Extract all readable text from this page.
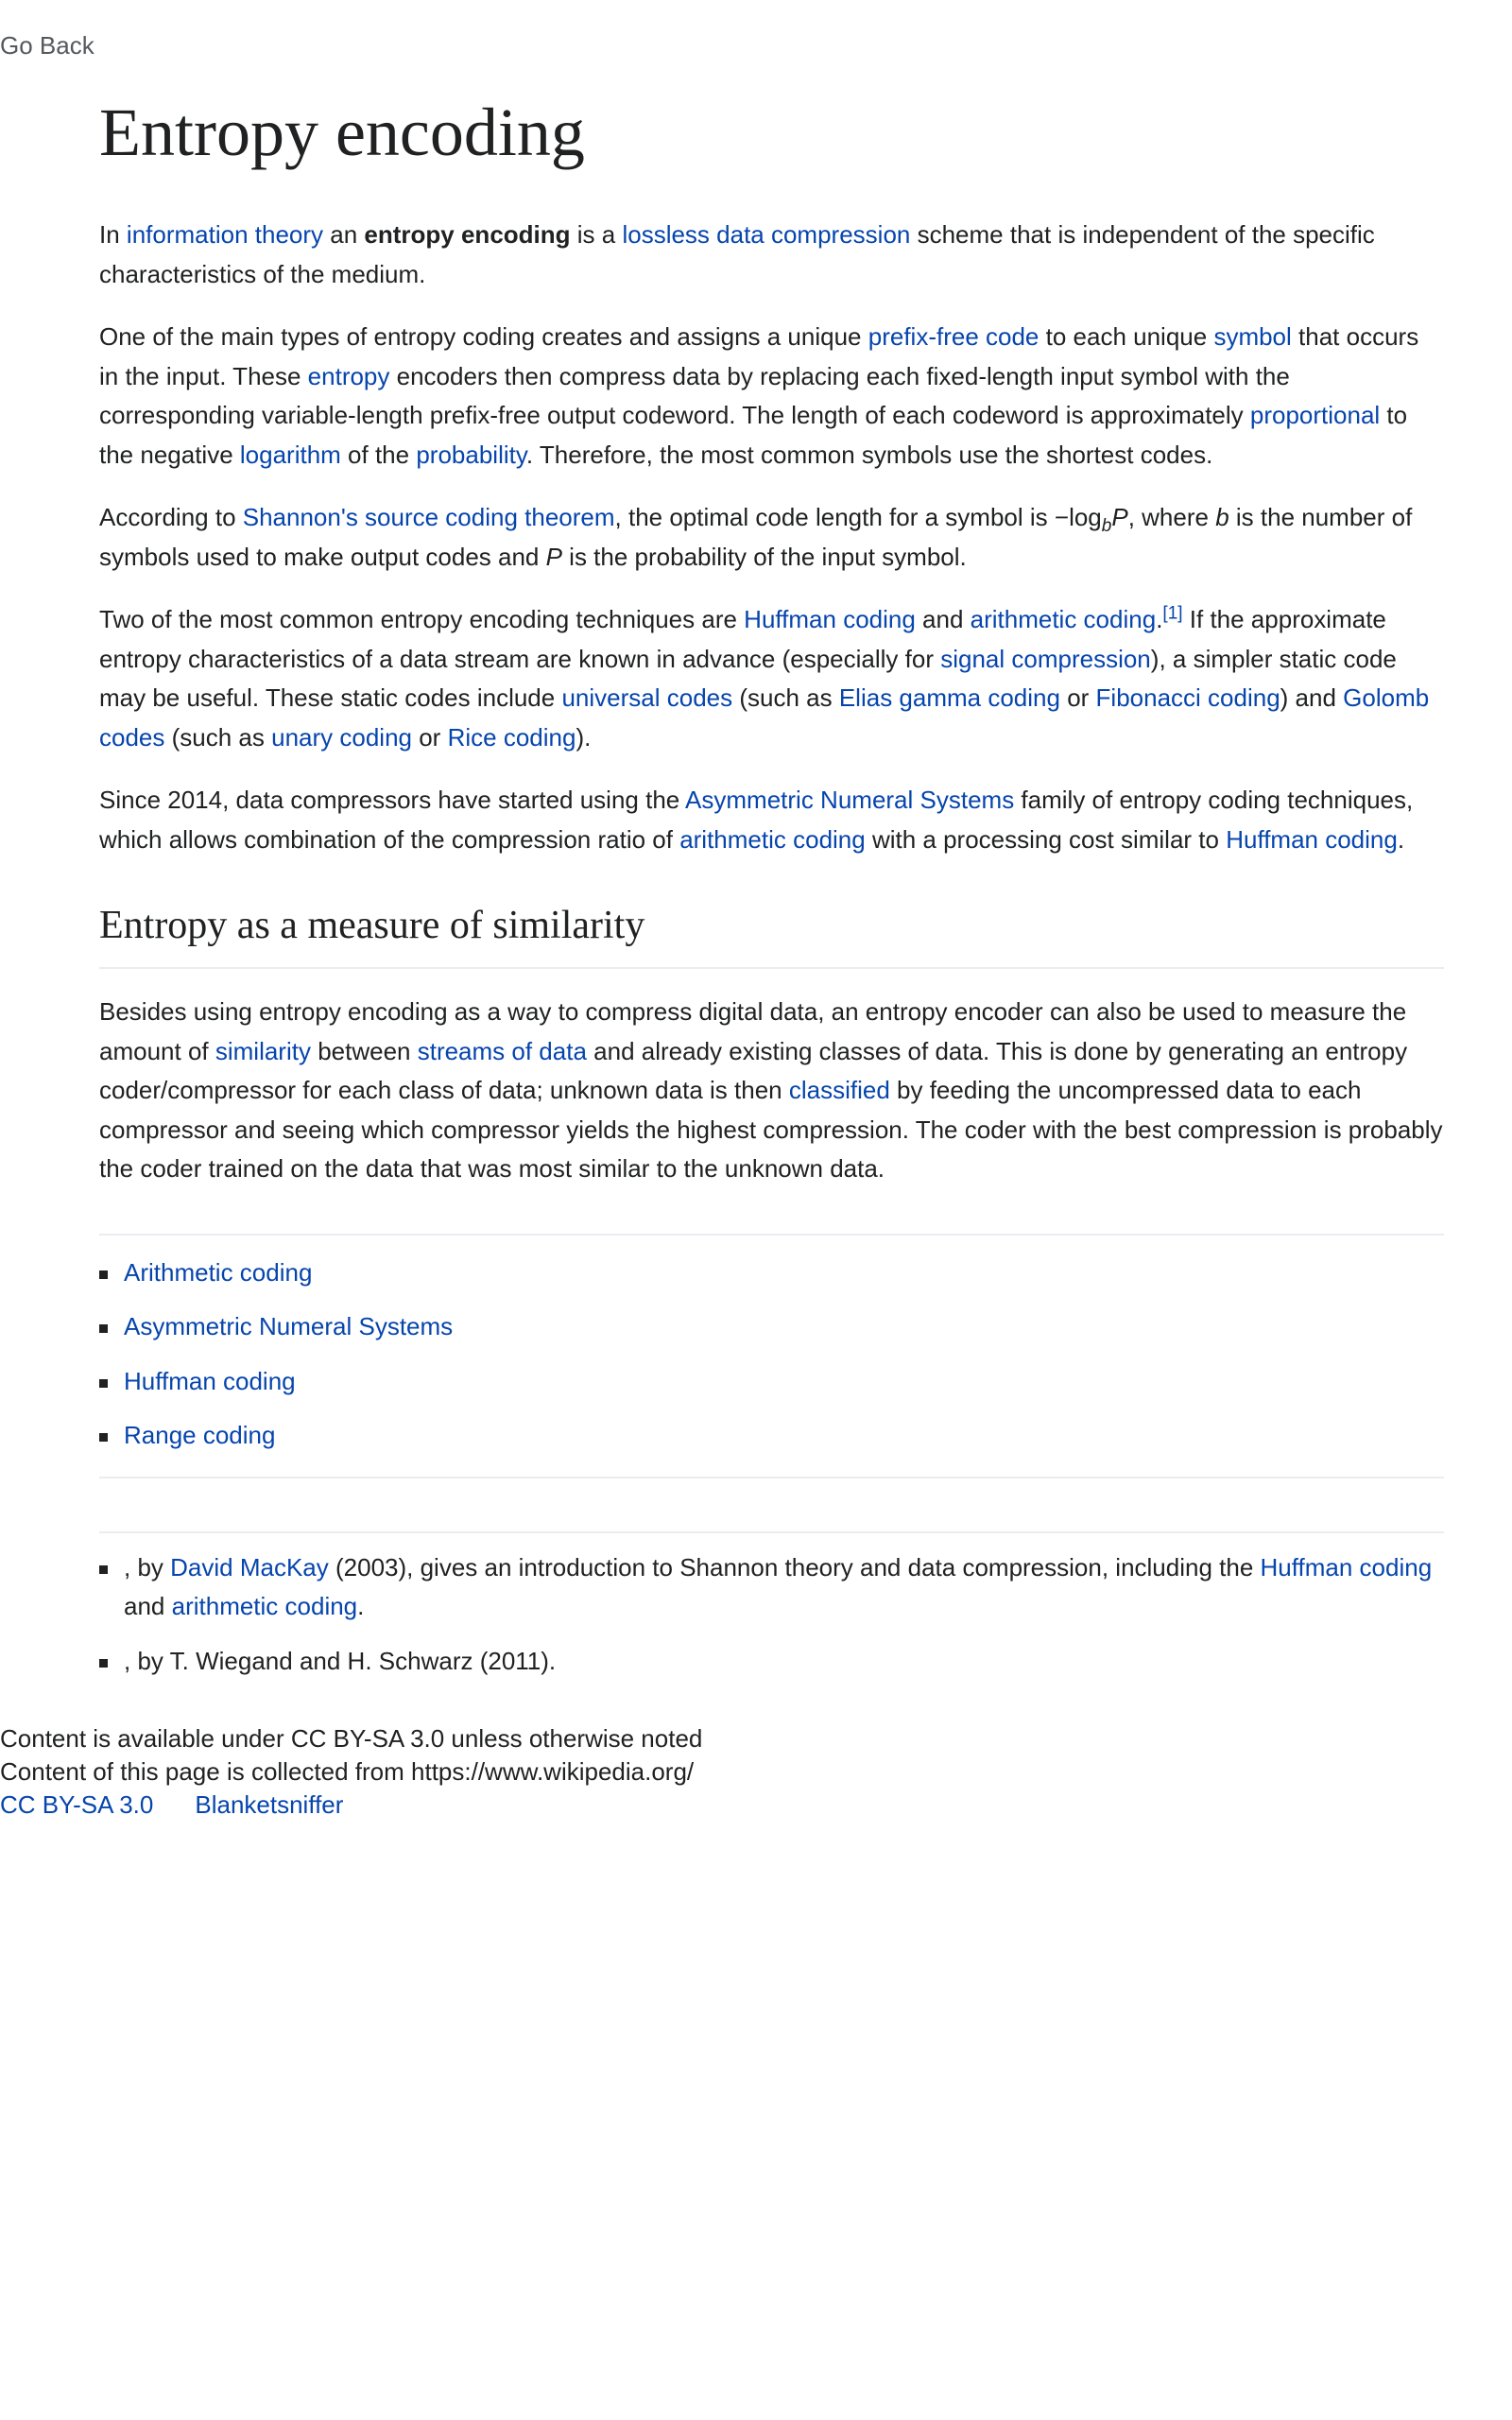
Go Back
Entropy encoding

In information theory an entropy encoding is a lossless data compression scheme that is independent of the specific characteristics of the medium.

One of the main types of entropy coding creates and assigns a unique prefix-free code to each unique symbol that occurs in the input. These entropy encoders then compress data by replacing each fixed-length input symbol with the corresponding variable-length prefix-free output codeword. The length of each codeword is approximately proportional to the negative logarithm of the probability. Therefore, the most common symbols use the shortest codes.

According to Shannon's source coding theorem, the optimal code length for a symbol is $-\log_bP$, where b is the number of symbols used to make output codes and P is the probability of the input symbol.

Two of the most common entropy encoding techniques are Huffman coding and arithmetic coding.[1] If the approximate entropy characteristics of a data stream are known in advance (especially for signal compression), a simpler static code may be useful. These static codes include universal codes (such as Elias gamma coding or Fibonacci coding) and Golomb codes (such as unary coding or Rice coding).

Since 2014, data compressors have started using the Asymmetric Numeral Systems family of entropy coding techniques, which allows combination of the compression ratio of arithmetic coding with a processing cost similar to Huffman coding.

Entropy as a measure of similarity

Besides using entropy encoding as a way to compress digital data, an entropy encoder can also be used to measure the amount of similarity between streams of data and already existing classes of data. This is done by generating an entropy coder/compressor for each class of data; unknown data is then classified by feeding the uncompressed data to each compressor and seeing which compressor yields the highest compression. The coder with the best compression is probably the coder trained on the data that was most similar to the unknown data.

Arithmetic coding
Asymmetric Numeral Systems
Huffman coding
Range coding
, by David MacKay (2003), gives an introduction to Shannon theory and data compression, including the Huffman coding and arithmetic coding.
, by T. Wiegand and H. Schwarz (2011).
Content is available under CC BY-SA 3.0 unless otherwise noted
Content of this page is collected from https://www.wikipedia.org/
CC BY-SA 3.0 Blanketsniffer
